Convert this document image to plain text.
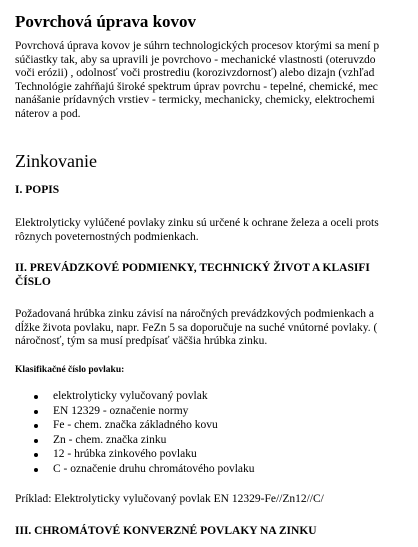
Povrchová úprava kovov
Povrchová úprava kovov je súhrn technologických procesov ktorými sa mení p
súčiastky tak, aby sa upravili je povrchovo - mechanické vlastnosti (oteruvzdo
voči erózii) , odolnosť voči prostrediu (korozivzdornosť) alebo dizajn (vzhľad
Technológie zahŕňajú široké spektrum úprav povrchu - tepelné, chemické, mec
nanášanie prídavných vrstiev - termicky, mechanicky, chemicky, elektrochemi
náterov a pod.
Zinkovanie
I. POPIS
Elektrolyticky vylúčené povlaky zinku sú určené k ochrane železa a oceli prots
rôznych poveternostných podmienkach.
II. PREVÁDZKOVÉ PODMIENKY, TECHNICKÝ ŽIVOT A KLASIFI
ČÍSLO
Požadovaná hrúbka zinku závisí na náročných prevádzkových podmienkach a
dĺžke života povlaku, napr. FeZn 5 sa doporučuje na suché vnútorné povlaky. (
náročnosť, tým sa musí predpísať väčšia hrúbka zinku.
Klasifikačné číslo povlaku:
elektrolyticky vylučovaný povlak
EN 12329 - označenie normy
Fe - chem. značka základného kovu
Zn - chem. značka zinku
12 - hrúbka zinkového povlaku
C - označenie druhu chromátového povlaku
Príklad: Elektrolyticky vylučovaný povlak EN 12329-Fe//Zn12//C/
III. CHROMÁTOVÉ KONVERZNÉ POVLAKY NA ZINKU
